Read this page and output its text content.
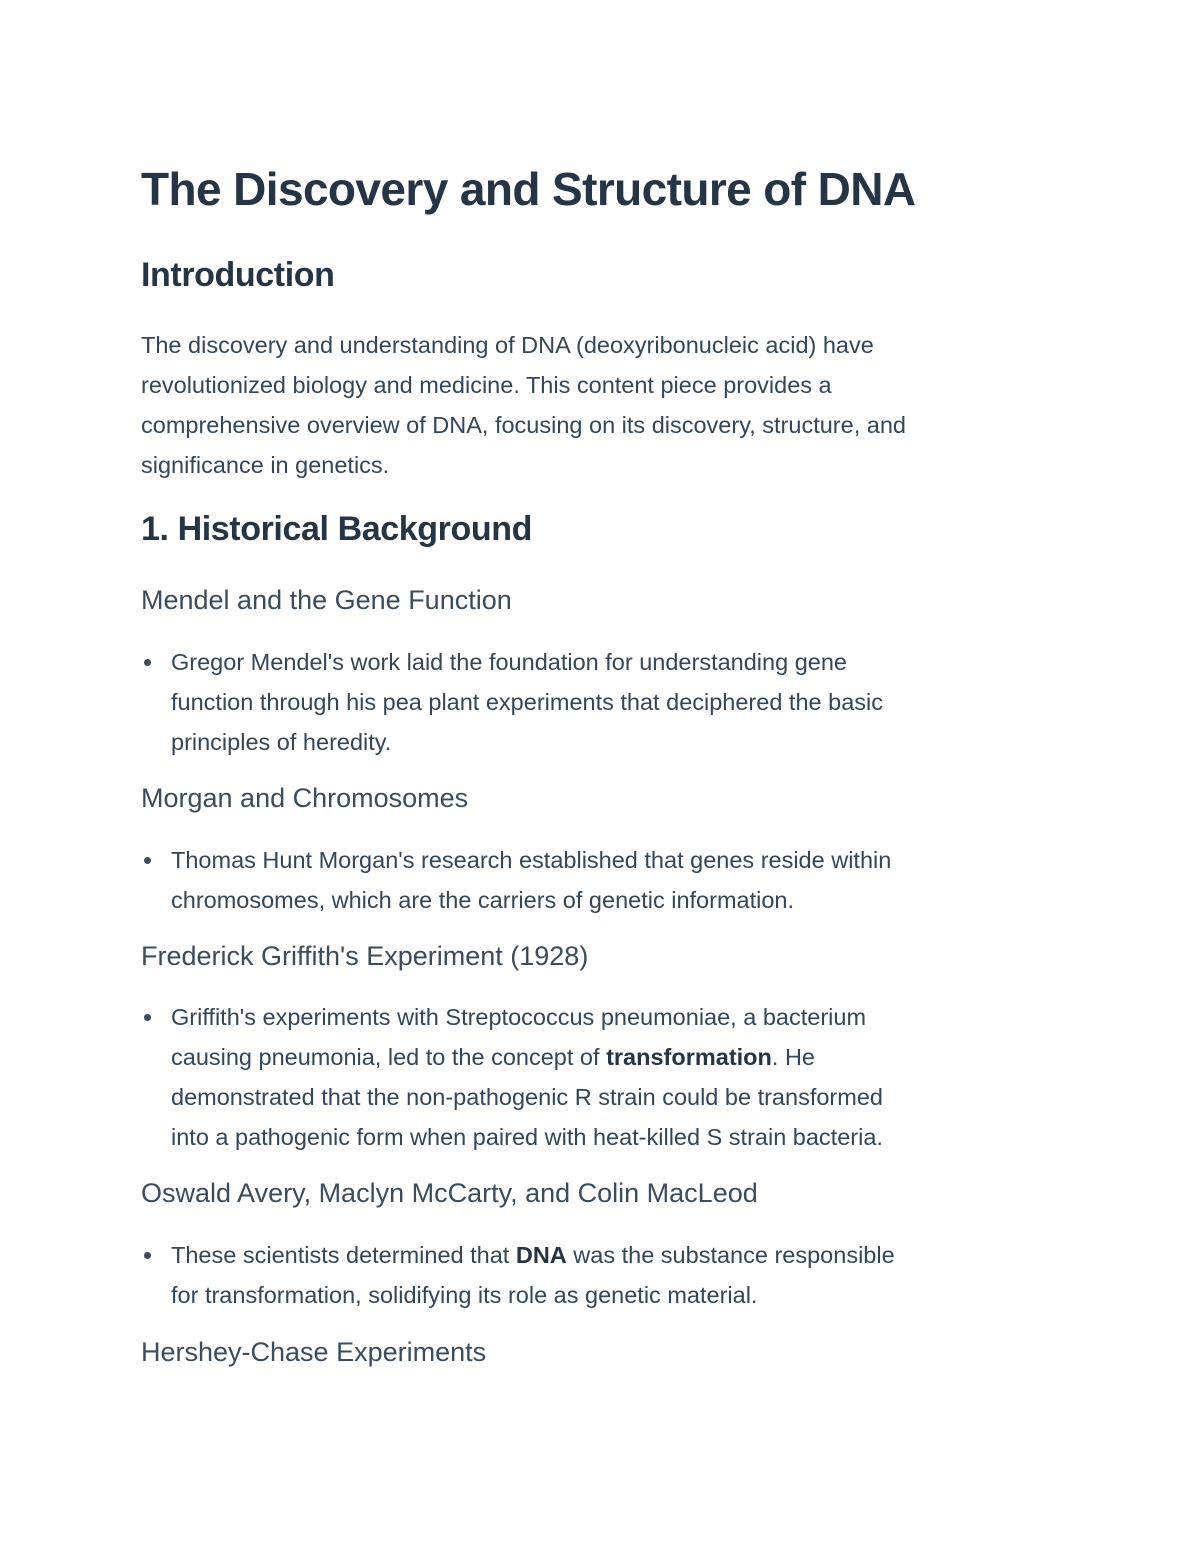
The Discovery and Structure of DNA
Introduction

The discovery and understanding of DNA (deoxyribonucleic acid) have
revolutionized biology and medicine. This content piece provides a
comprehensive overview of DNA, focusing on its discovery, structure, and
significance in genetics.

1. Historical Background
Mendel and the Gene Function
Gregor Mendel's work laid the foundation for understanding gene
function through his pea plant experiments that deciphered the basic
principles of heredity.
Morgan and Chromosomes
Thomas Hunt Morgan's research established that genes reside within
chromosomes, which are the carriers of genetic information.
Frederick Griffith's Experiment (1928)
Griffith's experiments with Streptococcus pneumoniae, a bacterium
causing pneumonia, led to the concept of transformation. He
demonstrated that the non-pathogenic R strain could be transformed
into a pathogenic form when paired with heat-killed S strain bacteria.
Oswald Avery, Maclyn McCarty, and Colin MacLeod
These scientists determined that DNA was the substance responsible
for transformation, solidifying its role as genetic material.
Hershey-Chase Experiments
